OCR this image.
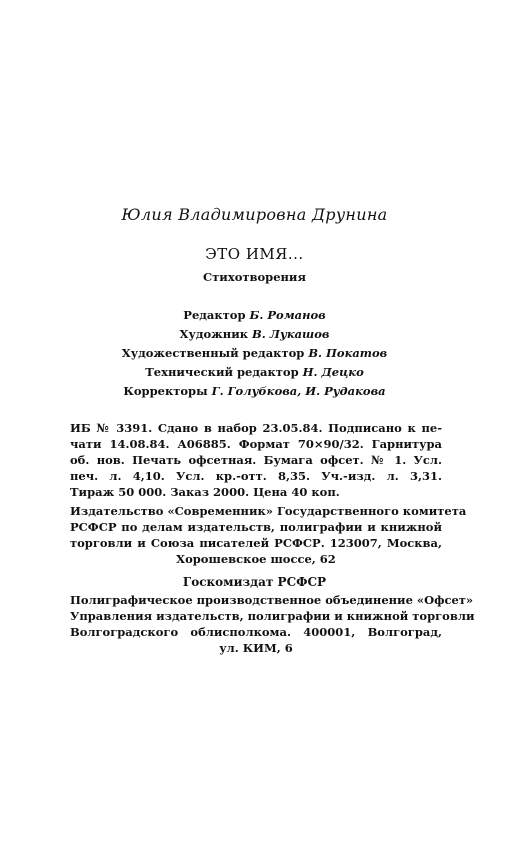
Юлия Владимировна Друнина
ЭТО ИМЯ...
Стихотворения
Редактор Б. Романов
Художник В. Лукашов
Художественный редактор В. Покатов
Технический редактор Н. Децко
Корректоры Г. Голубкова, И. Рудакова
ИБ № 3391. Сдано в набор 23.05.84. Подписано к пе-
чати 14.08.84. А06885. Формат 70×90/32. Гарнитура
об. нов. Печать офсетная. Бумага офсет. № 1. Усл.
печ. л. 4,10. Усл. кр.-отт. 8,35. Уч.-изд. л. 3,31.
Тираж 50 000. Заказ 2000. Цена 40 коп.
Издательство «Современник» Государственного комитета
РСФСР по делам издательств, полиграфии и книжной
торговли и Союза писателей РСФСР. 123007, Москва,
Хорошевское шоссе, 62
Госкомиздат РСФСР
Полиграфическое производственное объединение «Офсет»
Управления издательств, полиграфии и книжной торговли
Волгоградского облисполкома. 400001, Волгоград,
ул. КИМ, 6
